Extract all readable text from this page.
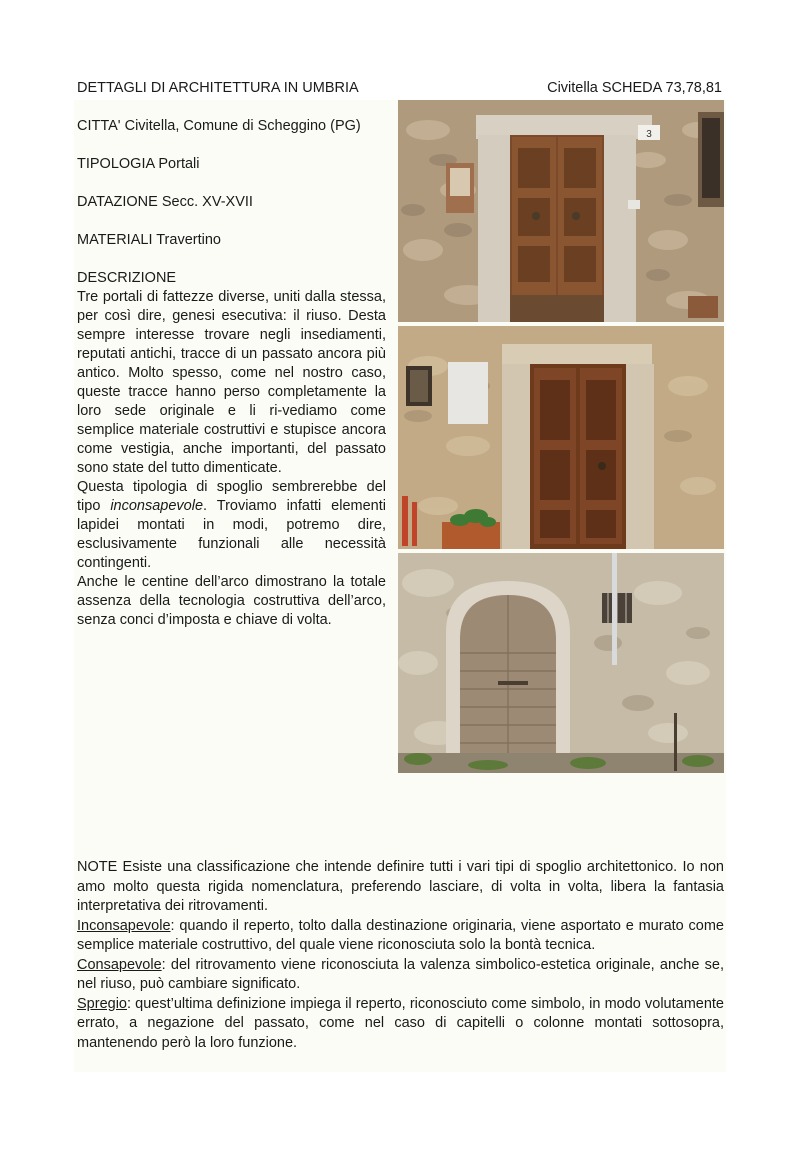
DETTAGLI DI ARCHITETTURA IN UMBRIA	Civitella SCHEDA 73,78,81
CITTA' Civitella, Comune di Scheggino (PG)
TIPOLOGIA Portali
DATAZIONE Secc. XV-XVII
MATERIALI Travertino
DESCRIZIONE

Tre portali di fattezze diverse, uniti dalla stessa, per così dire, genesi esecutiva: il riuso. Desta sempre interesse trovare negli insediamenti, reputati antichi, tracce di un passato ancora più antico. Molto spesso, come nel nostro caso, queste tracce hanno perso completamente la loro sede originale e li ri-vediamo come semplice materiale costruttivi e stupisce ancora come vestigia, anche importanti, del passato sono state del tutto dimenticate.

Questa tipologia di spoglio sembrerebbe del tipo inconsapevole. Troviamo infatti elementi lapidei montati in modi, potremo dire, esclusivamente funzionali alle necessità contingenti.

Anche le centine dell’arco dimostrano la totale assenza della tecnologia costruttiva dell’arco, senza conci d’imposta e chiave di volta.

3

NOTE Esiste una classificazione che intende definire tutti i vari tipi di spoglio architettonico. Io non amo molto questa rigida nomenclatura, preferendo lasciare, di volta in volta, libera la fantasia interpretativa dei ritrovamenti.

Inconsapevole: quando il reperto, tolto dalla destinazione originaria, viene asportato e murato come semplice materiale costruttivo, del quale viene riconosciuta solo la bontà tecnica.

Consapevole: del ritrovamento viene riconosciuta la valenza simbolico-estetica originale, anche se, nel riuso, può cambiare significato.

Spregio: quest’ultima definizione impiega il reperto, riconosciuto come simbolo, in modo volutamente errato, a negazione del passato, come nel caso di capitelli o colonne montati sottosopra, mantenendo però la loro funzione.
